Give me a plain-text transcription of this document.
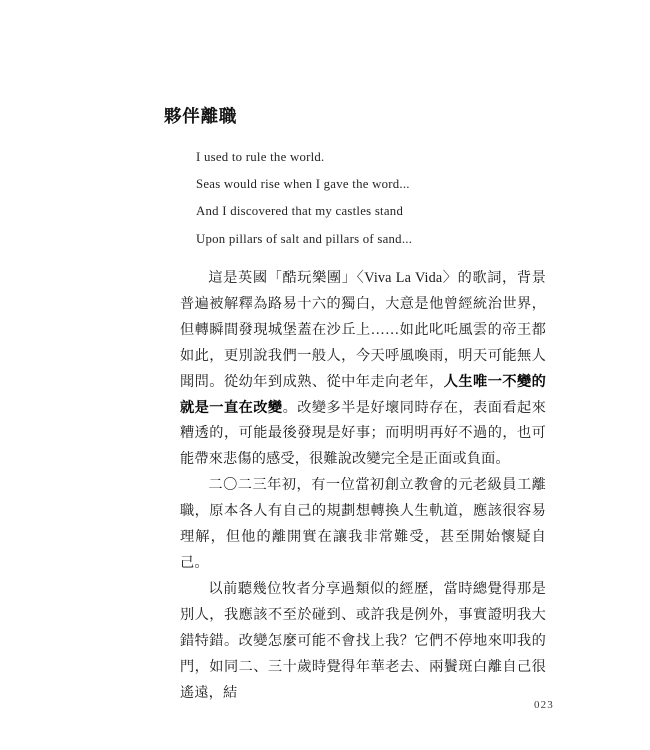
夥伴離職
I used to rule the world.
Seas would rise when I gave the word...
And I discovered that my castles stand
Upon pillars of salt and pillars of sand...

這是英國「酷玩樂團」〈Viva La Vida〉的歌詞，背景普遍被解釋為路易十六的獨白，大意是他曾經統治世界，但轉瞬間發現城堡蓋在沙丘上……如此叱吒風雲的帝王都如此，更別說我們一般人，今天呼風喚雨，明天可能無人聞問。從幼年到成熟、從中年走向老年，人生唯一不變的就是一直在改變。改變多半是好壞同時存在，表面看起來糟透的，可能最後發現是好事；而明明再好不過的，也可能帶來悲傷的感受，很難說改變完全是正面或負面。

二〇二三年初，有一位當初創立教會的元老級員工離職，原本各人有自己的規劃想轉換人生軌道，應該很容易理解，但他的離開實在讓我非常難受，甚至開始懷疑自己。

以前聽幾位牧者分享過類似的經歷，當時總覺得那是別人，我應該不至於碰到、或許我是例外，事實證明我大錯特錯。改變怎麼可能不會找上我？它們不停地來叩我的門，如同二、三十歲時覺得年華老去、兩鬢斑白離自己很遙遠，結

023
